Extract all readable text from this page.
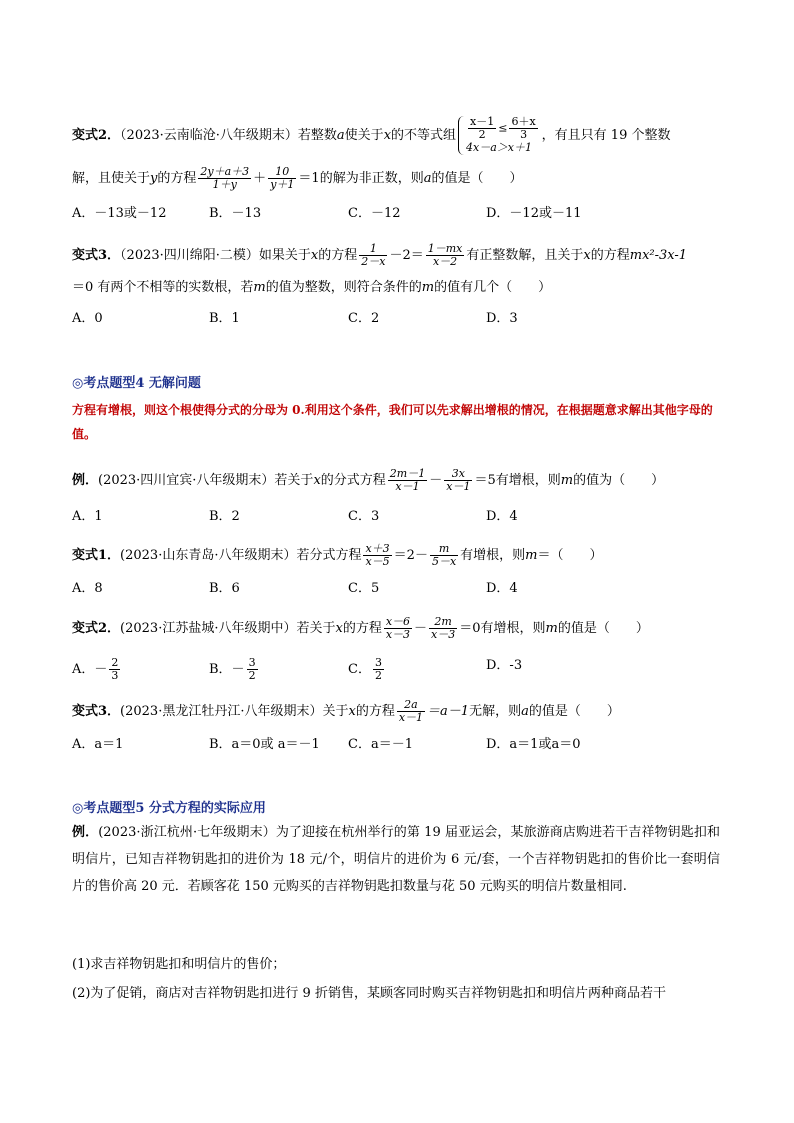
变式2．（2023·云南临沧·八年级期末）若整数a使关于x的不等式组 $\frac{x-1}{2} \le \frac{6+x}{3}$
4x－a＞x＋1
，有且只有 19 个整数
解，且使关于y的方程 $\frac{2y+a+3}{1+y} + \frac{10}{y+1} =1$的解为非正数，则a的值是（　　）
A．－13或－12	B．－13	C．－12	D．－12或－11
变式3．（2023·四川绵阳·二模）如果关于x的方程 $\frac{1}{2-x} -2= \frac{1-mx}{x-2}$ 有正整数解，且关于x的方程mx²-3x-1
＝0 有两个不相等的实数根，若m的值为整数，则符合条件的m的值有几个（　　）
A．0	B．1	C．2	D．3
◎考点题型4 无解问题
方程有增根，则这个根使得分式的分母为 0.利用这个条件，我们可以先求解出增根的情况，在根据题意求解出其他字母的值。
例．(2023·四川宜宾·八年级期末）若关于x的分式方程 $\frac{2m-1}{x-1} - \frac{3x}{x-1} =5$有增根，则m的值为（　　）
A．1	B．2	C．3	D．4
变式1．(2023·山东青岛·八年级期末）若分式方程 $\frac{x+3}{x-5} =2- \frac{m}{5-x}$ 有增根，则m＝（　　）
A．8	B．6	C．5	D．4
变式2．(2023·江苏盐城·八年级期中）若关于x的方程 $\frac{x-6}{x-3} - \frac{2m}{x-3} =0$有增根，则m的值是（　　）
A．－ $\frac{2}{3}$	B．－ $\frac{3}{2}$	C． $\frac{3}{2}$	D．-3
变式3．(2023·黑龙江牡丹江·八年级期末）关于x的方程 $\frac{2a}{x-1} =a-1$无解，则a的值是（　　）
A．a＝1	B．a＝0或 a＝－1 C．a＝－1	D．a＝1或a＝0
◎考点题型5 分式方程的实际应用
例．(2023·浙江杭州·七年级期末）为了迎接在杭州举行的第 19 届亚运会，某旅游商店购进若干吉祥物钥匙扣和明信片，已知吉祥物钥匙扣的进价为 18 元/个，明信片的进价为 6 元/套，一个吉祥物钥匙扣的售价比一套明信片的售价高 20 元．若顾客花 150 元购买的吉祥物钥匙扣数量与花 50 元购买的明信片数量相同.
(1)求吉祥物钥匙扣和明信片的售价；
(2)为了促销，商店对吉祥物钥匙扣进行 9 折销售，某顾客同时购买吉祥物钥匙扣和明信片两种商品若干
